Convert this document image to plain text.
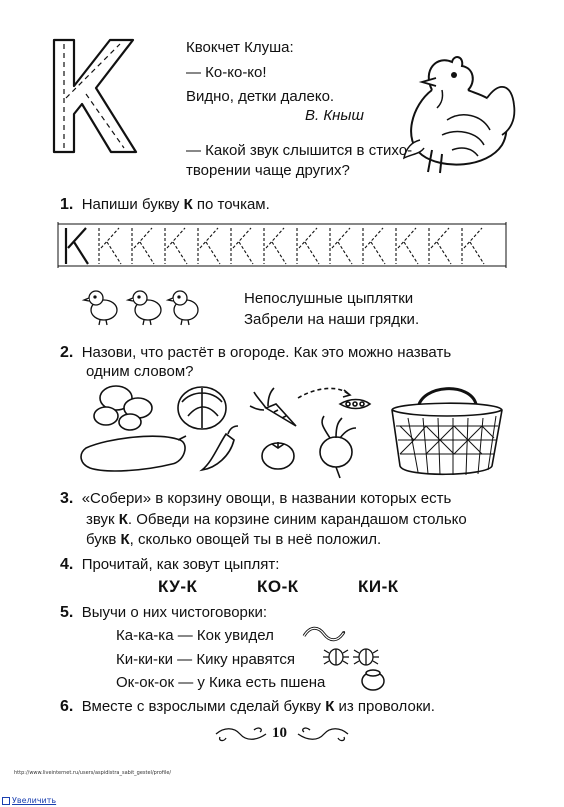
Квокчет Клуша:
— Ко-ко-ко!
Видно, детки далеко.
В. Кныш
— Какой звук слышится в стихо-
творении чаще других?
1. Напиши букву К по точкам.
Непослушные цыплятки
Забрели на наши грядки.
2. Назови, что растёт в огороде. Как это можно назвать
одним словом?
3. «Собери» в корзину овощи, в названии которых есть
звук К. Обведи на корзине синим карандашом столько
букв К, сколько овощей ты в неё положил.
4. Прочитай, как зовут цыплят:
КУ-К	КО-К	КИ-К
5. Выучи о них чистоговорки:
Ка-ка-ка — Кок увидел
Ки-ки-ки — Кику нравятся
Ок-ок-ок — у Кика есть пшена
6. Вместе с взрослыми сделай букву К из проволоки.
10
http://www.liveinternet.ru/users/aspidistra_sabit_gestel/profile/
Увеличить
